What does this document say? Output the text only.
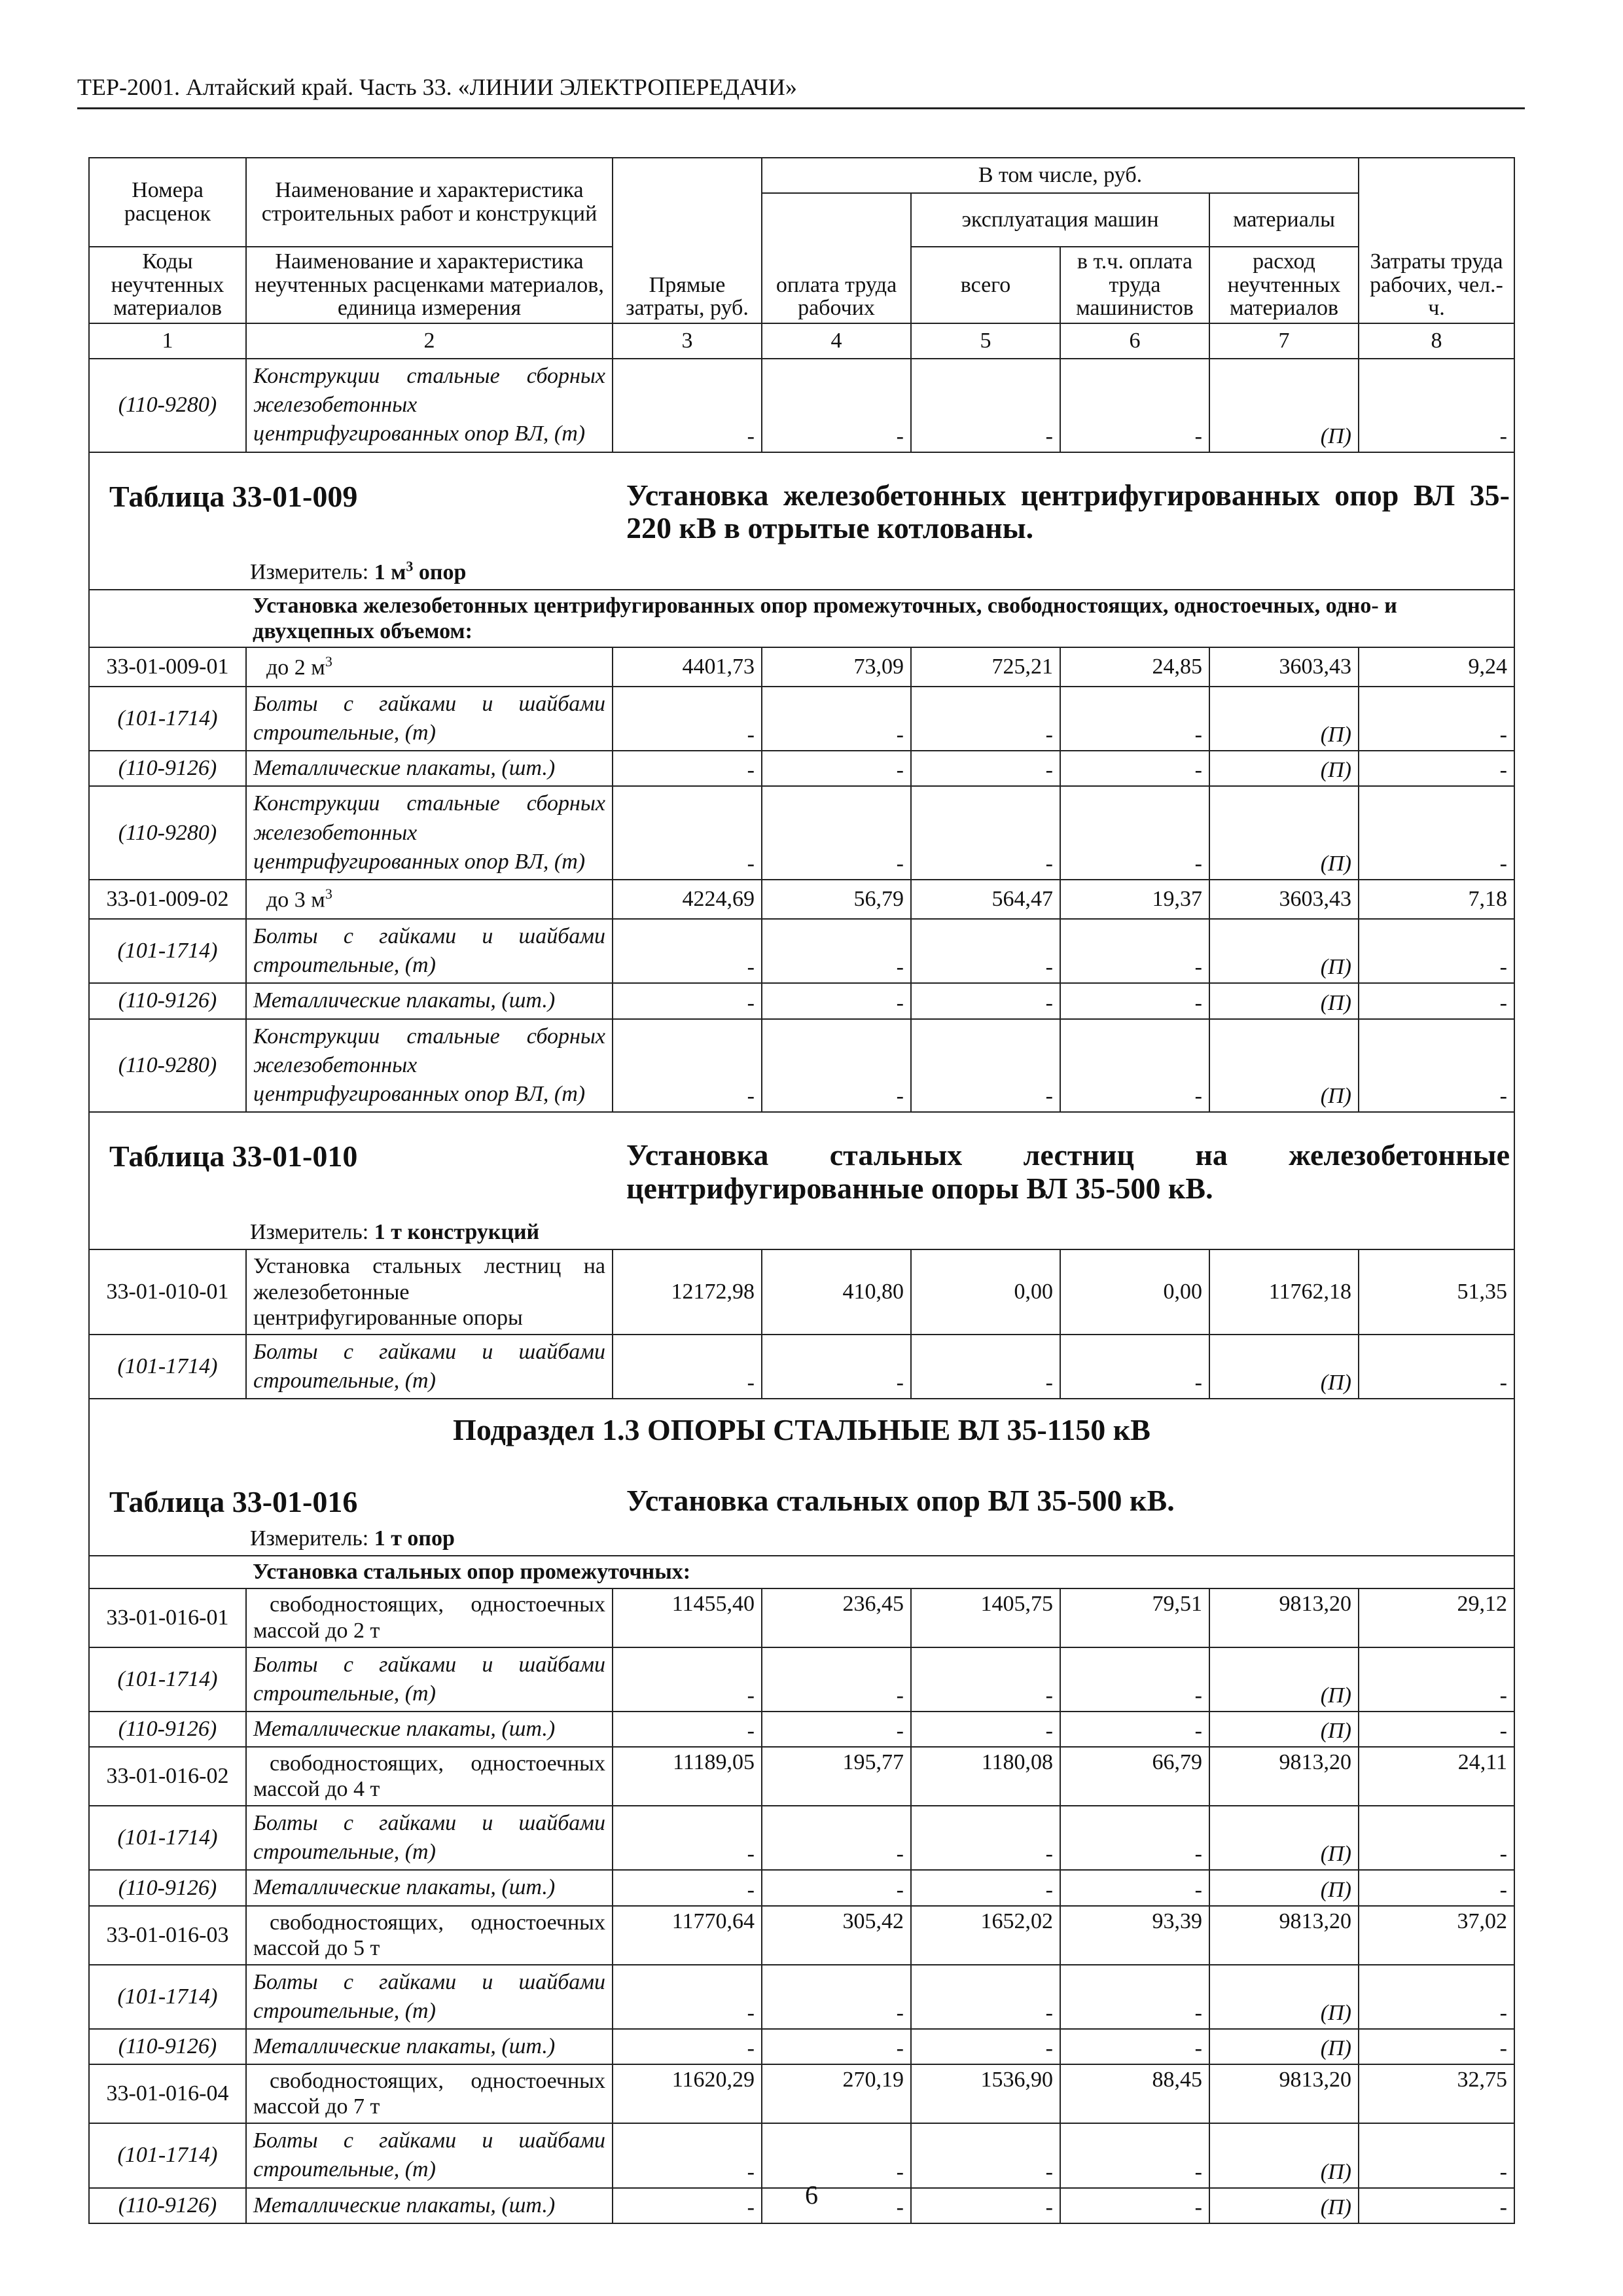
ТЕР-2001. Алтайский край. Часть 33. «ЛИНИИ ЭЛЕКТРОПЕРЕДАЧИ»
Номера расценок	Наименование и характеристика строительных работ и конструкций	Прямые затраты, руб.	В том числе, руб.				Затраты труда рабочих, чел.-ч.
			оплата труда рабочих	эксплуатация машин		материалы	
Коды неучтенных материалов	Наименование и характеристика неучтенных расценками материалов, единица измерения			всего	в т.ч. оплата труда машинистов	расход неучтенных материалов	
1	2	3	4	5	6	7	8
(110-9280)	Конструкции стальные сборных железобетонных центрифугированных опор ВЛ, (т)	-	-	-	-	(П)	-

Таблица 33-01-009 Установка железобетонных центрифугированных опор ВЛ 35-220 кВ в отрытые котлованы.
Измеритель: 1 $м^3$ опор							

	Установка железобетонных центрифугированных опор промежуточных, свободностоящих, одностоечных, одно- и двухцепных объемом:						
33-01-009-01	до 2 $м^3$	4401,73	73,09	725,21	24,85	3603,43	9,24
(101-1714)	Болты с гайками и шайбами строительные, (т)	-	-	-	-	(П)	-
(110-9126)	Металлические плакаты, (шт.)	-	-	-	-	(П)	-
(110-9280)	Конструкции стальные сборных железобетонных центрифугированных опор ВЛ, (т)	-	-	-	-	(П)	-
33-01-009-02	до 3 $м^3$	4224,69	56,79	564,47	19,37	3603,43	7,18
(101-1714)	Болты с гайками и шайбами строительные, (т)	-	-	-	-	(П)	-
(110-9126)	Металлические плакаты, (шт.)	-	-	-	-	(П)	-
(110-9280)	Конструкции стальные сборных железобетонных центрифугированных опор ВЛ, (т)	-	-	-	-	(П)	-

Таблица 33-01-010 Установка стальных лестниц на железобетонные центрифугированные опоры ВЛ 35-500 кВ.
Измеритель: 1 т конструкций							

33-01-010-01	Установка стальных лестниц на железобетонные центрифугированные опоры	12172,98	410,80	0,00	0,00	11762,18	51,35
(101-1714)	Болты с гайками и шайбами строительные, (т)	-	-	-	-	(П)	-

Подраздел 1.3 ОПОРЫ СТАЛЬНЫЕ ВЛ 35-1150 кВ
Таблица 33-01-016 Установка стальных опор ВЛ 35-500 кВ.
Измеритель: 1 т опор							

	Установка стальных опор промежуточных:						
33-01-016-01	свободностоящих, одностоечных массой до 2 т	11455,40	236,45	1405,75	79,51	9813,20	29,12
(101-1714)	Болты с гайками и шайбами строительные, (т)	-	-	-	-	(П)	-
(110-9126)	Металлические плакаты, (шт.)	-	-	-	-	(П)	-
33-01-016-02	свободностоящих, одностоечных массой до 4 т	11189,05	195,77	1180,08	66,79	9813,20	24,11
(101-1714)	Болты с гайками и шайбами строительные, (т)	-	-	-	-	(П)	-
(110-9126)	Металлические плакаты, (шт.)	-	-	-	-	(П)	-
33-01-016-03	свободностоящих, одностоечных массой до 5 т	11770,64	305,42	1652,02	93,39	9813,20	37,02
(101-1714)	Болты с гайками и шайбами строительные, (т)	-	-	-	-	(П)	-
(110-9126)	Металлические плакаты, (шт.)	-	-	-	-	(П)	-
33-01-016-04	свободностоящих, одностоечных массой до 7 т	11620,29	270,19	1536,90	88,45	9813,20	32,75
(101-1714)	Болты с гайками и шайбами строительные, (т)	-	-	-	-	(П)	-
(110-9126)	Металлические плакаты, (шт.)	-	-	-	-	(П)	-
6
